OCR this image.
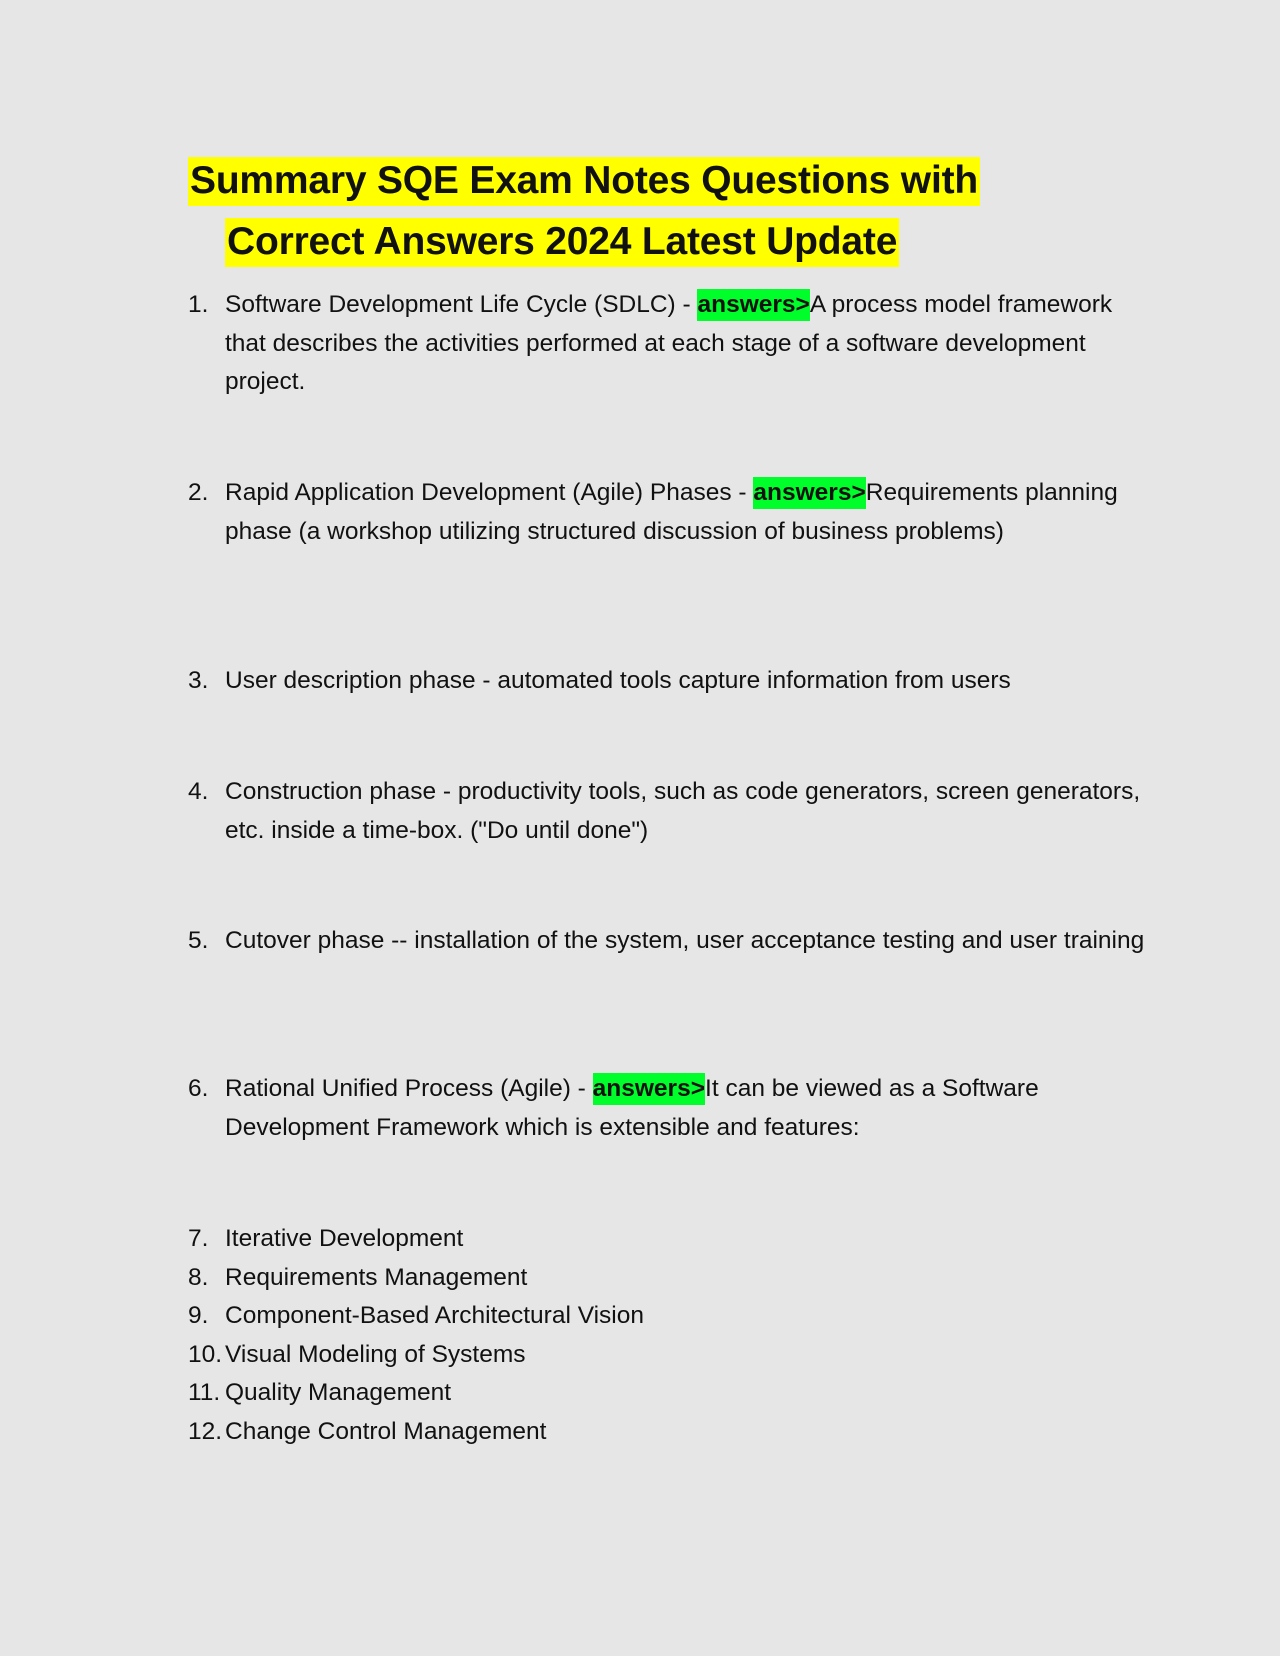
Summary SQE Exam Notes Questions with
Correct Answers 2024 Latest Update
1. Software Development Life Cycle (SDLC) - answers>A process model framework that describes the activities performed at each stage of a software development project.
2. Rapid Application Development (Agile) Phases - answers>Requirements planning phase (a workshop utilizing structured discussion of business problems)
3. User description phase - automated tools capture information from users
4. Construction phase - productivity tools, such as code generators, screen generators, etc. inside a time-box. ("Do until done")
5. Cutover phase -- installation of the system, user acceptance testing and user training
6. Rational Unified Process (Agile) - answers>It can be viewed as a Software Development Framework which is extensible and features:
7. Iterative Development
8. Requirements Management
9. Component-Based Architectural Vision
10. Visual Modeling of Systems
11. Quality Management
12. Change Control Management
